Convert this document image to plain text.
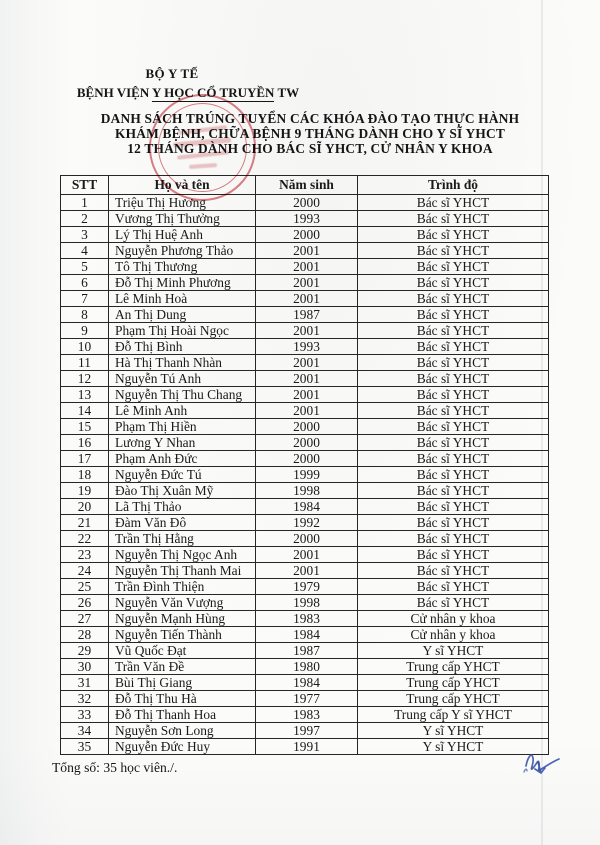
BỘ Y TẾ
BỆNH VIỆN Y HỌC CỔ TRUYỀN TW
DANH SÁCH TRÚNG TUYỂN CÁC KHÓA ĐÀO TẠO THỰC HÀNH
KHÁM BỆNH, CHỮA BỆNH 9 THÁNG DÀNH CHO Y SĨ YHCT
12 THÁNG DÀNH CHO BÁC SĨ YHCT, CỬ NHÂN Y KHOA
STT	Họ và tên	Năm sinh	Trình độ
1	Triệu Thị Hương	2000	Bác sĩ YHCT
2	Vương Thị Thưởng	1993	Bác sĩ YHCT
3	Lý Thị Huệ Anh	2000	Bác sĩ YHCT
4	Nguyễn Phương Thảo	2001	Bác sĩ YHCT
5	Tô Thị Thương	2001	Bác sĩ YHCT
6	Đỗ Thị Minh Phương	2001	Bác sĩ YHCT
7	Lê Minh Hoà	2001	Bác sĩ YHCT
8	An Thị Dung	1987	Bác sĩ YHCT
9	Phạm Thị Hoài Ngọc	2001	Bác sĩ YHCT
10	Đỗ Thị Bình	1993	Bác sĩ YHCT
11	Hà Thị Thanh Nhàn	2001	Bác sĩ YHCT
12	Nguyễn Tú Anh	2001	Bác sĩ YHCT
13	Nguyễn Thị Thu Chang	2001	Bác sĩ YHCT
14	Lê Minh Anh	2001	Bác sĩ YHCT
15	Phạm Thị Hiền	2000	Bác sĩ YHCT
16	Lương Y Nhan	2000	Bác sĩ YHCT
17	Phạm Anh Đức	2000	Bác sĩ YHCT
18	Nguyễn Đức Tú	1999	Bác sĩ YHCT
19	Đào Thị Xuân Mỹ	1998	Bác sĩ YHCT
20	Lã Thị Thảo	1984	Bác sĩ YHCT
21	Đàm Văn Đô	1992	Bác sĩ YHCT
22	Trần Thị Hằng	2000	Bác sĩ YHCT
23	Nguyễn Thị Ngọc Anh	2001	Bác sĩ YHCT
24	Nguyễn Thị Thanh Mai	2001	Bác sĩ YHCT
25	Trần Đình Thiện	1979	Bác sĩ YHCT
26	Nguyễn Văn Vượng	1998	Bác sĩ YHCT
27	Nguyễn Mạnh Hùng	1983	Cử nhân y khoa
28	Nguyễn Tiến Thành	1984	Cử nhân y khoa
29	Vũ Quốc Đạt	1987	Y sĩ YHCT
30	Trần Văn Đề	1980	Trung cấp YHCT
31	Bùi Thị Giang	1984	Trung cấp YHCT
32	Đỗ Thị Thu Hà	1977	Trung cấp YHCT
33	Đỗ Thị Thanh Hoa	1983	Trung cấp Y sĩ YHCT
34	Nguyễn Sơn Long	1997	Y sĩ YHCT
35	Nguyễn Đức Huy	1991	Y sĩ YHCT
Tổng số: 35 học viên./.
